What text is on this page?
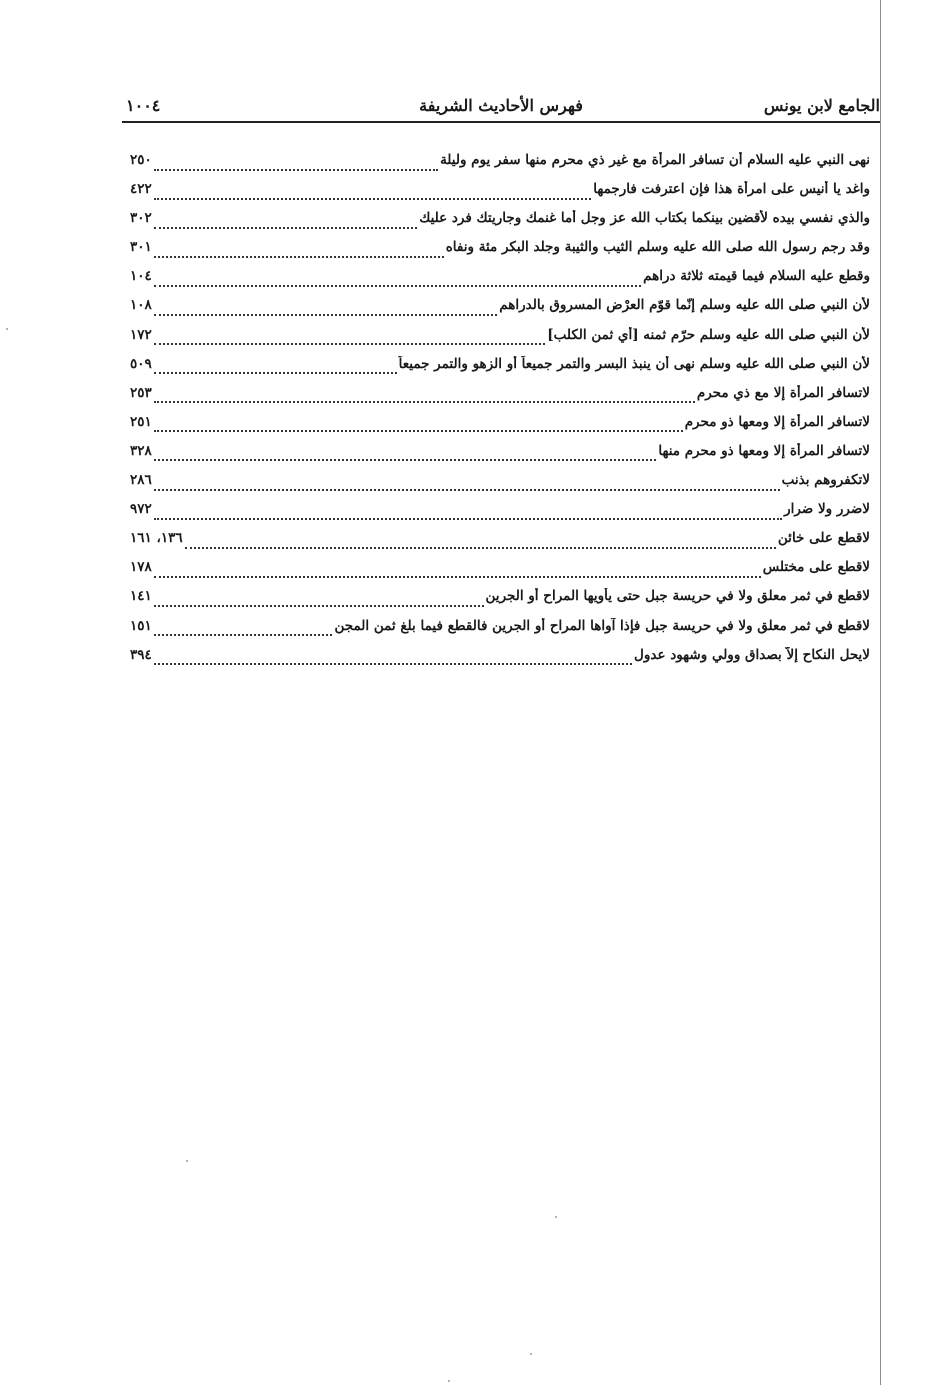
١٠٠٤	فهرس الأحاديث الشريفة	الجامع لابن يونس
نهى النبي عليه السلام أن تسافر المرأة مع غير ذي محرم منها سفر يوم وليلة
٢٥٠
واغد يا أنيس على امرأة هذا فإن اعترفت فارجمها
٤٢٢
والذي نفسي بيده لأقضين بينكما بكتاب الله عز وجل أما غنمك وجاريتك فرد عليك
٣٠٢
وقد رجم رسول الله صلى الله عليه وسلم الثيب والثيبة وجلد البكر مئة ونفاه
٣٠١
وقطع عليه السلام فيما قيمته ثلاثة دراهم
١٠٤
لأن النبي صلى الله عليه وسلم إنّما قوّم العرْض المسروق بالدراهم
١٠٨
لأن النبي صلى الله عليه وسلم حرّم ثمنه [أي ثمن الكلب]
١٧٢
لأن النبي صلى الله عليه وسلم نهى أن ينبذ البسر والتمر جميعاً أو الزهو والتمر جميعاً
٥٠٩
لاتسافر المرأة إلا مع ذي محرم
٢٥٣
لاتسافر المرأة إلا ومعها ذو محرم
٢٥١
لاتسافر المرأة إلا ومعها ذو محرم منها
٣٢٨
لاتكفروهم بذنب
٢٨٦
لاضرر ولا ضرار
٩٧٢
لاقطع على خائن
١٣٦، ١٦١
لاقطع على مختلس
١٧٨
لاقطع في ثمر معلق ولا في حريسة جبل حتى يأويها المراح أو الجرين
١٤١
لاقطع في ثمر معلق ولا في حريسة جبل فإذا آواها المراح أو الجرين فالقطع فيما بلغ ثمن المجن
١٥١
لايحل النكاح إلاّ بصداق وولي وشهود عدول
٣٩٤
